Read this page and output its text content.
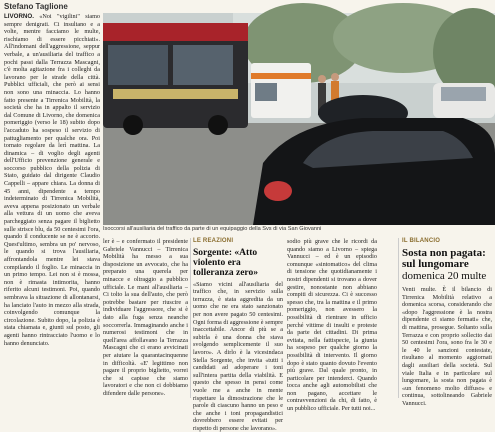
Stefano Taglione

LIVORNO. «Noi "vigilini" siamo sempre denigrati. Ci insultano e a volte, mentre facciamo le multe, rischiamo di essere picchiati». All'indomani dell'aggressione, seppur verbale, a un'ausiliaria del traffico a pochi passi dalla Terrazza Mascagni, c'è molta agitazione fra i colleghi da lavorano per le strade della città. Pubblici ufficiali, che però ai sensi non sono una minaccia. Lo hanno fatto presente a Tirrenica Mobilità, la società che ha in appalto il servizio dal Comune di Livorno, che domenica pomeriggio (verso le 18) subito dopo l'accaduto ha sospeso il servizio di pattugliamento per qualche ora. Poi tornato regolare da lerì mattina. La dinamica – di voglio degli agenti dell'Ufficio prevenzione generale e soccorso pubblico della polizia di Stato, guidato dal dirigente Claudio Cappelli – appare chiara. La donna di 45 anni, dipendente a tempo indeterminato di Tirrenica Mobilità, aveva appena posizionato un verbale alla vettura di un uomo che aveva parcheggiato senza pagare il biglietto sulle strisce blu, da 50 centesimi l'ora, quando il conducente se ne è accorto. Quest'ultimo, sembra un po' nervoso, le quando si trova l'ausiliaria, affrontandola mentre lei stava compilando il foglio. Le minaccia in un primo tempo. Lei non si è mossa, non è rimasta intimorita, hanno riferito alcuni testimoni. Poi, quando sembrava la situazione di allontanarsi, ha lanciato l'auto in mezzo alla strada, coinvolgendo comunque la circolazione. Subito dopo, la polizia è stata chiamata e, giunti sul posto, gli agenti hanno rintracciato l'uomo e lo hanno denunciato.

Isoccorsi all'ausiliaria del traffico da parte di un equipaggio della Svs di via San Giovanni

ler è – e confermato il presidente Gabriele Vannucci – Tirrenica Mobilità ha messo a sua disposizione un avvocato, che ha preparato una querela per minacce e oltraggio a pubblico ufficiale. Le mani all'ausiliaria – Ci tolto la sua dell'auto, che però potrebbe bastare per riuscire a individuare l'aggressore, che si è dato alla fuga senza neanche soccorrerla. Immaginando anche i numerosi testimoni che in quell'area affollavano la Terrazza Mascagni che ci erano avvicinati per aiutare la quarantacinquenne in difficoltà. «E' legittimo non pagare il proprio biglietto, vorrei che si capisse che siamo lavoratori e che non ci dobbiamo difendere dalle persone».

LE REAZIONI

Sorgente: «Atto violento era tolleranza zero»

«Siamo vicini all'ausiliaria del traffico che, in servizio sulla terrazza, è stata aggredita da un uomo che ne era stato sanzionato per non avere pagato 50 centesimi. Ogni forma di aggressione è sempre inaccettabile. Ancor di più se a subirla è una donna che stava svolgendo semplicemente il suo lavoro». A dirlo è la vicesindaca Stella Sorgente, che invita «tutti i candidati ad adoperare i toni sull'intera partita della viabilità. E questo che spesso in pensi come vuole me a anche in mente rispettare la dimostrazione che le parole di ciascuno hanno un peso e che anche i toni propagandistici dovrebbero essere evitati per rispetto di persone che lavorano».

sodio più grave che le ricordi da quando siamo a Livorno – spiega Vannucci – ed è un episodio comunque «sintomatico» del clima di tensione che quotidianamente i nostri dipendenti si trovano a dover gestire, nonostante non abbiano compiti di sicurezza. Ci è successo spesso che, tra la mattina e il primo pomeriggio, non avessero la possibilità di rientrare in ufficio perché vittime di insulti e proteste da parte dei cittadini. Di prima evitata, nella fattispecie, la giunta ha sospeso per qualche giorno la possibilità di intervento. Il giorno dopo è stato quanto dovuto l'evento più grave. Dal quale pronto, in particolare per intenderci. Quando tocca anche agli automobilisti che non pagano, accettare le contravvenzioni da chi, di fatto, è un pubblico ufficiale. Per tutti noi...

IL BILANCIO

Sosta non pagata: sul lungomare domenica 20 multe

Venti multe. È il bilancio di Tirrenica Mobilità relativo a domenica scorsa, considerando che «dopo l'aggressione è la nostra dipendente ci siamo fermati» che, di mattina, prosegue. Soltanto sulla Terrazza e con proprio sollecito dai 50 centesimi l'ora, sono fra le 30 e le 40 le sanzioni contestate, risultano al momento aggiornati dagli ausiliari della società. Sul viale Italia e in particolare sul lungomare, la sosta non pagata è «un fenomeno molto diffuso» e continua, sottolineando Gabriele Vannucci.
